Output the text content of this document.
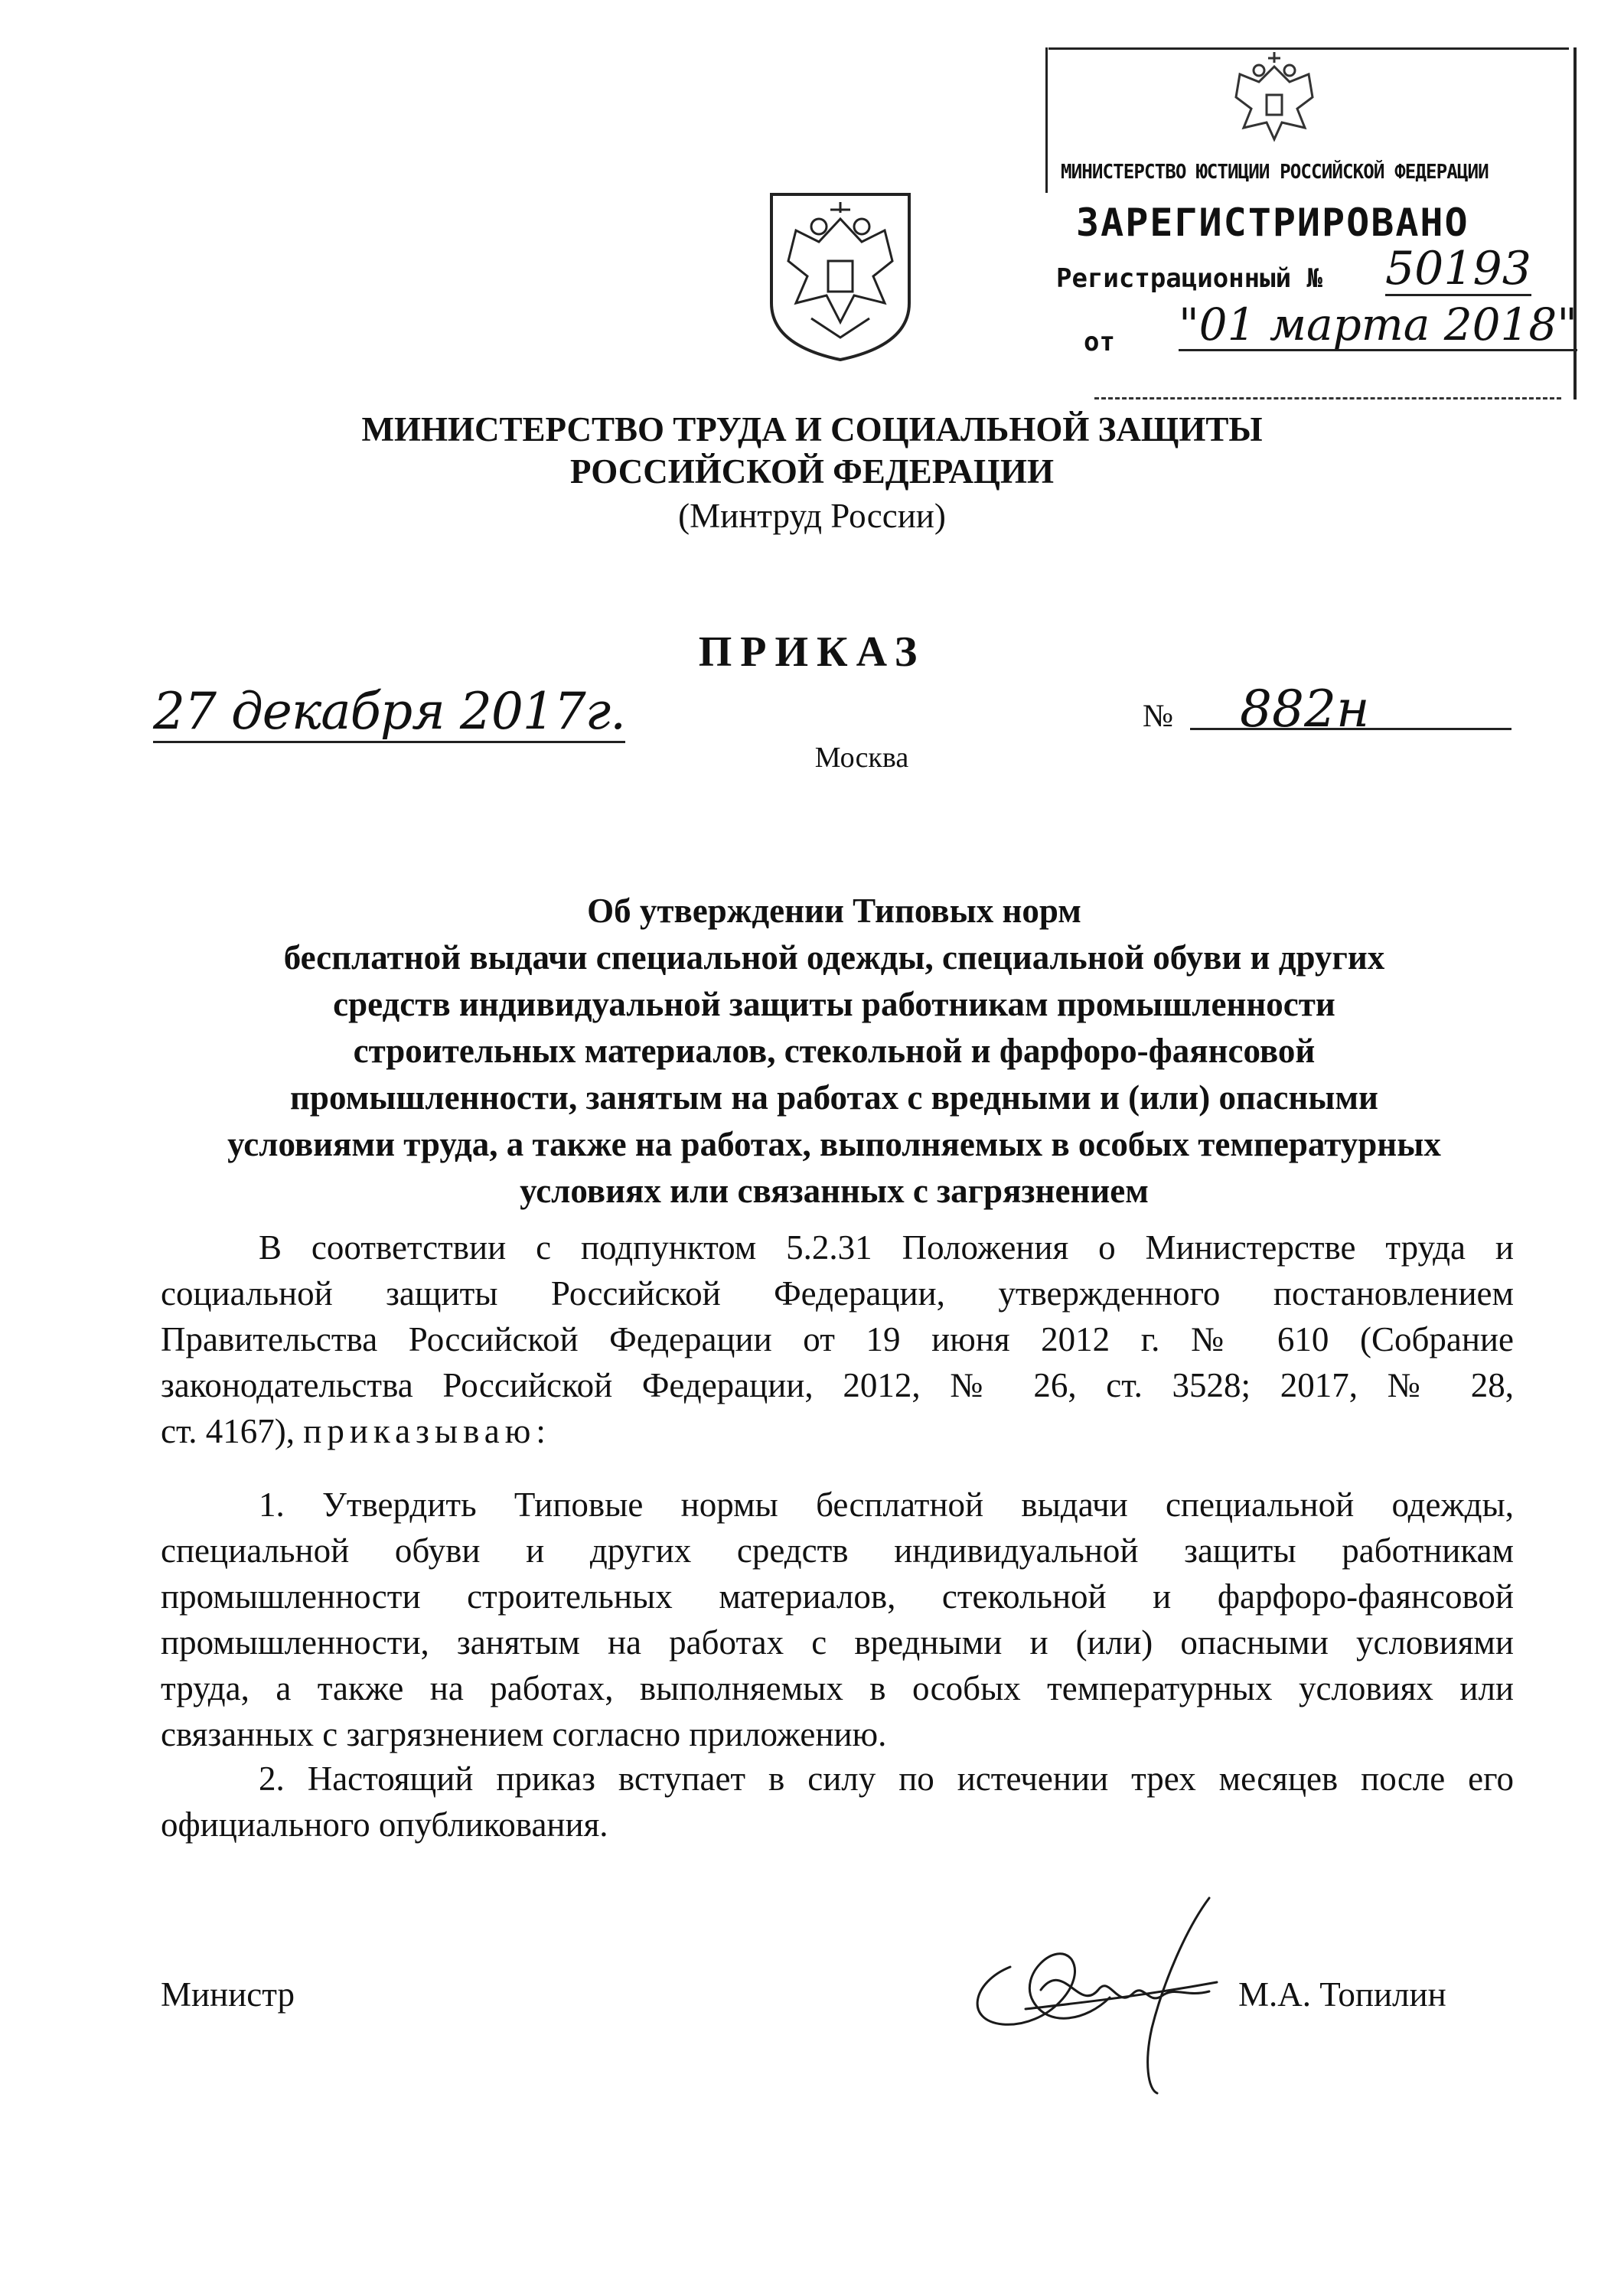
МИНИСТЕРСТВО ЮСТИЦИИ РОССИЙСКОЙ ФЕДЕРАЦИИ
ЗАРЕГИСТРИРОВАНО
Регистрационный № 50193
от "01 марта 2018"
МИНИСТЕРСТВО ТРУДА И СОЦИАЛЬНОЙ ЗАЩИТЫ
РОССИЙСКОЙ ФЕДЕРАЦИИ
(Минтруд России)
ПРИКАЗ
27 декабря 2017г.	№ 882н
Москва
Об утверждении Типовых норм
бесплатной выдачи специальной одежды, специальной обуви и других
средств индивидуальной защиты работникам промышленности
строительных материалов, стекольной и фарфоро-фаянсовой
промышленности, занятым на работах с вредными и (или) опасными
условиями труда, а также на работах, выполняемых в особых температурных
условиях или связанных с загрязнением
В соответствии с подпунктом 5.2.31 Положения о Министерстве труда и
социальной защиты Российской Федерации, утвержденного постановлением
Правительства Российской Федерации от 19 июня 2012 г. № 610 (Собрание
законодательства Российской Федерации, 2012, № 26, ст. 3528; 2017, № 28,
ст. 4167), приказываю:
1. Утвердить Типовые нормы бесплатной выдачи специальной одежды,
специальной обуви и других средств индивидуальной защиты работникам
промышленности строительных материалов, стекольной и фарфоро-фаянсовой
промышленности, занятым на работах с вредными и (или) опасными условиями
труда, а также на работах, выполняемых в особых температурных условиях или
связанных с загрязнением согласно приложению.
2. Настоящий приказ вступает в силу по истечении трех месяцев после его
официального опубликования.
Министр	М.А. Топилин
